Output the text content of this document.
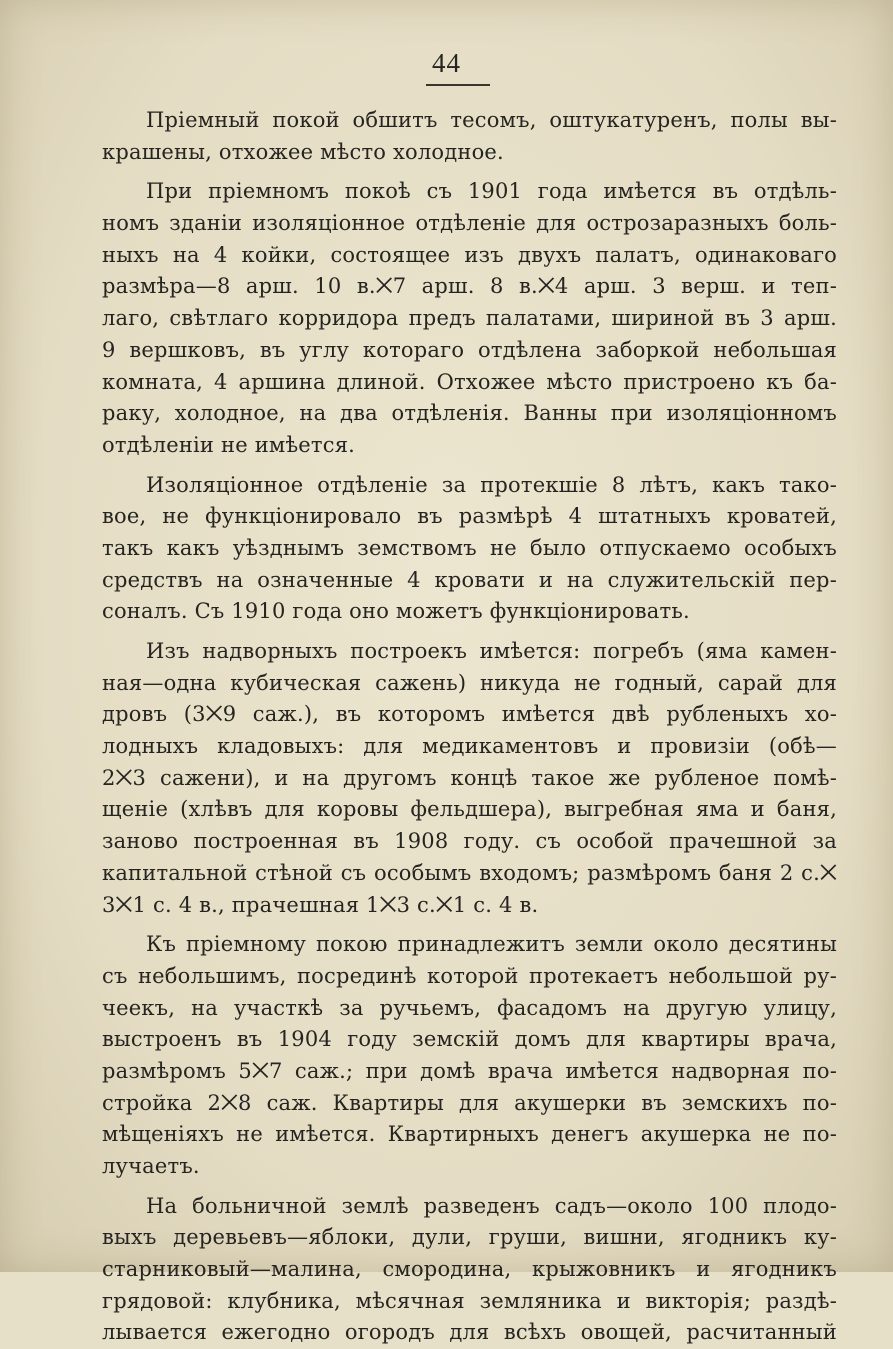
44
Пріемный покой обшитъ тесомъ, оштукатуренъ, полы вы-
крашены, отхожее мѣсто холодное.
При пріемномъ покоѣ съ 1901 года имѣется въ отдѣль-
номъ зданіи изоляціонное отдѣленіе для острозаразныхъ боль-
ныхъ на 4 койки, состоящее изъ двухъ палатъ, одинаковаго
размѣра—8 арш. 10 в.⨉7 арш. 8 в.⨉4 арш. 3 верш. и теп-
лаго, свѣтлаго корридора предъ палатами, шириной въ 3 арш.
9 вершковъ, въ углу котораго отдѣлена заборкой небольшая
комната, 4 аршина длиной. Отхожее мѣсто пристроено къ ба-
раку, холодное, на два отдѣленія. Ванны при изоляціонномъ
отдѣленіи не имѣется.
Изоляціонное отдѣленіе за протекшіе 8 лѣтъ, какъ тако-
вое, не функціонировало въ размѣрѣ 4 штатныхъ кроватей,
такъ какъ уѣзднымъ земствомъ не было отпускаемо особыхъ
средствъ на означенные 4 кровати и на служительскій пер-
соналъ. Съ 1910 года оно можетъ функціонировать.
Изъ надворныхъ построекъ имѣется: погребъ (яма камен-
ная—одна кубическая сажень) никуда не годный, сарай для
дровъ (3⨉9 саж.), въ которомъ имѣется двѣ рубленыхъ хо-
лодныхъ кладовыхъ: для медикаментовъ и провизіи (обѣ—
2⨉3 сажени), и на другомъ концѣ такое же рубленое помѣ-
щеніе (хлѣвъ для коровы фельдшера), выгребная яма и баня,
заново построенная въ 1908 году. съ особой прачешной за
капитальной стѣной съ особымъ входомъ; размѣромъ баня 2 с.⨉
3⨉1 с. 4 в., прачешная 1⨉3 с.⨉1 с. 4 в.
Къ пріемному покою принадлежитъ земли около десятины
съ небольшимъ, посрединѣ которой протекаетъ небольшой ру-
чеекъ, на участкѣ за ручьемъ, фасадомъ на другую улицу,
выстроенъ въ 1904 году земскій домъ для квартиры врача,
размѣромъ 5⨉7 саж.; при домѣ врача имѣется надворная по-
стройка 2⨉8 саж. Квартиры для акушерки въ земскихъ по-
мѣщеніяхъ не имѣется. Квартирныхъ денегъ акушерка не по-
лучаетъ.
На больничной землѣ разведенъ садъ—около 100 плодо-
выхъ деревьевъ—яблоки, дули, груши, вишни, ягодникъ ку-
старниковый—малина, смородина, крыжовникъ и ягодникъ
грядовой: клубника, мѣсячная земляника и викторія; раздѣ-
лывается ежегодно огородъ для всѣхъ овощей, расчитанный
